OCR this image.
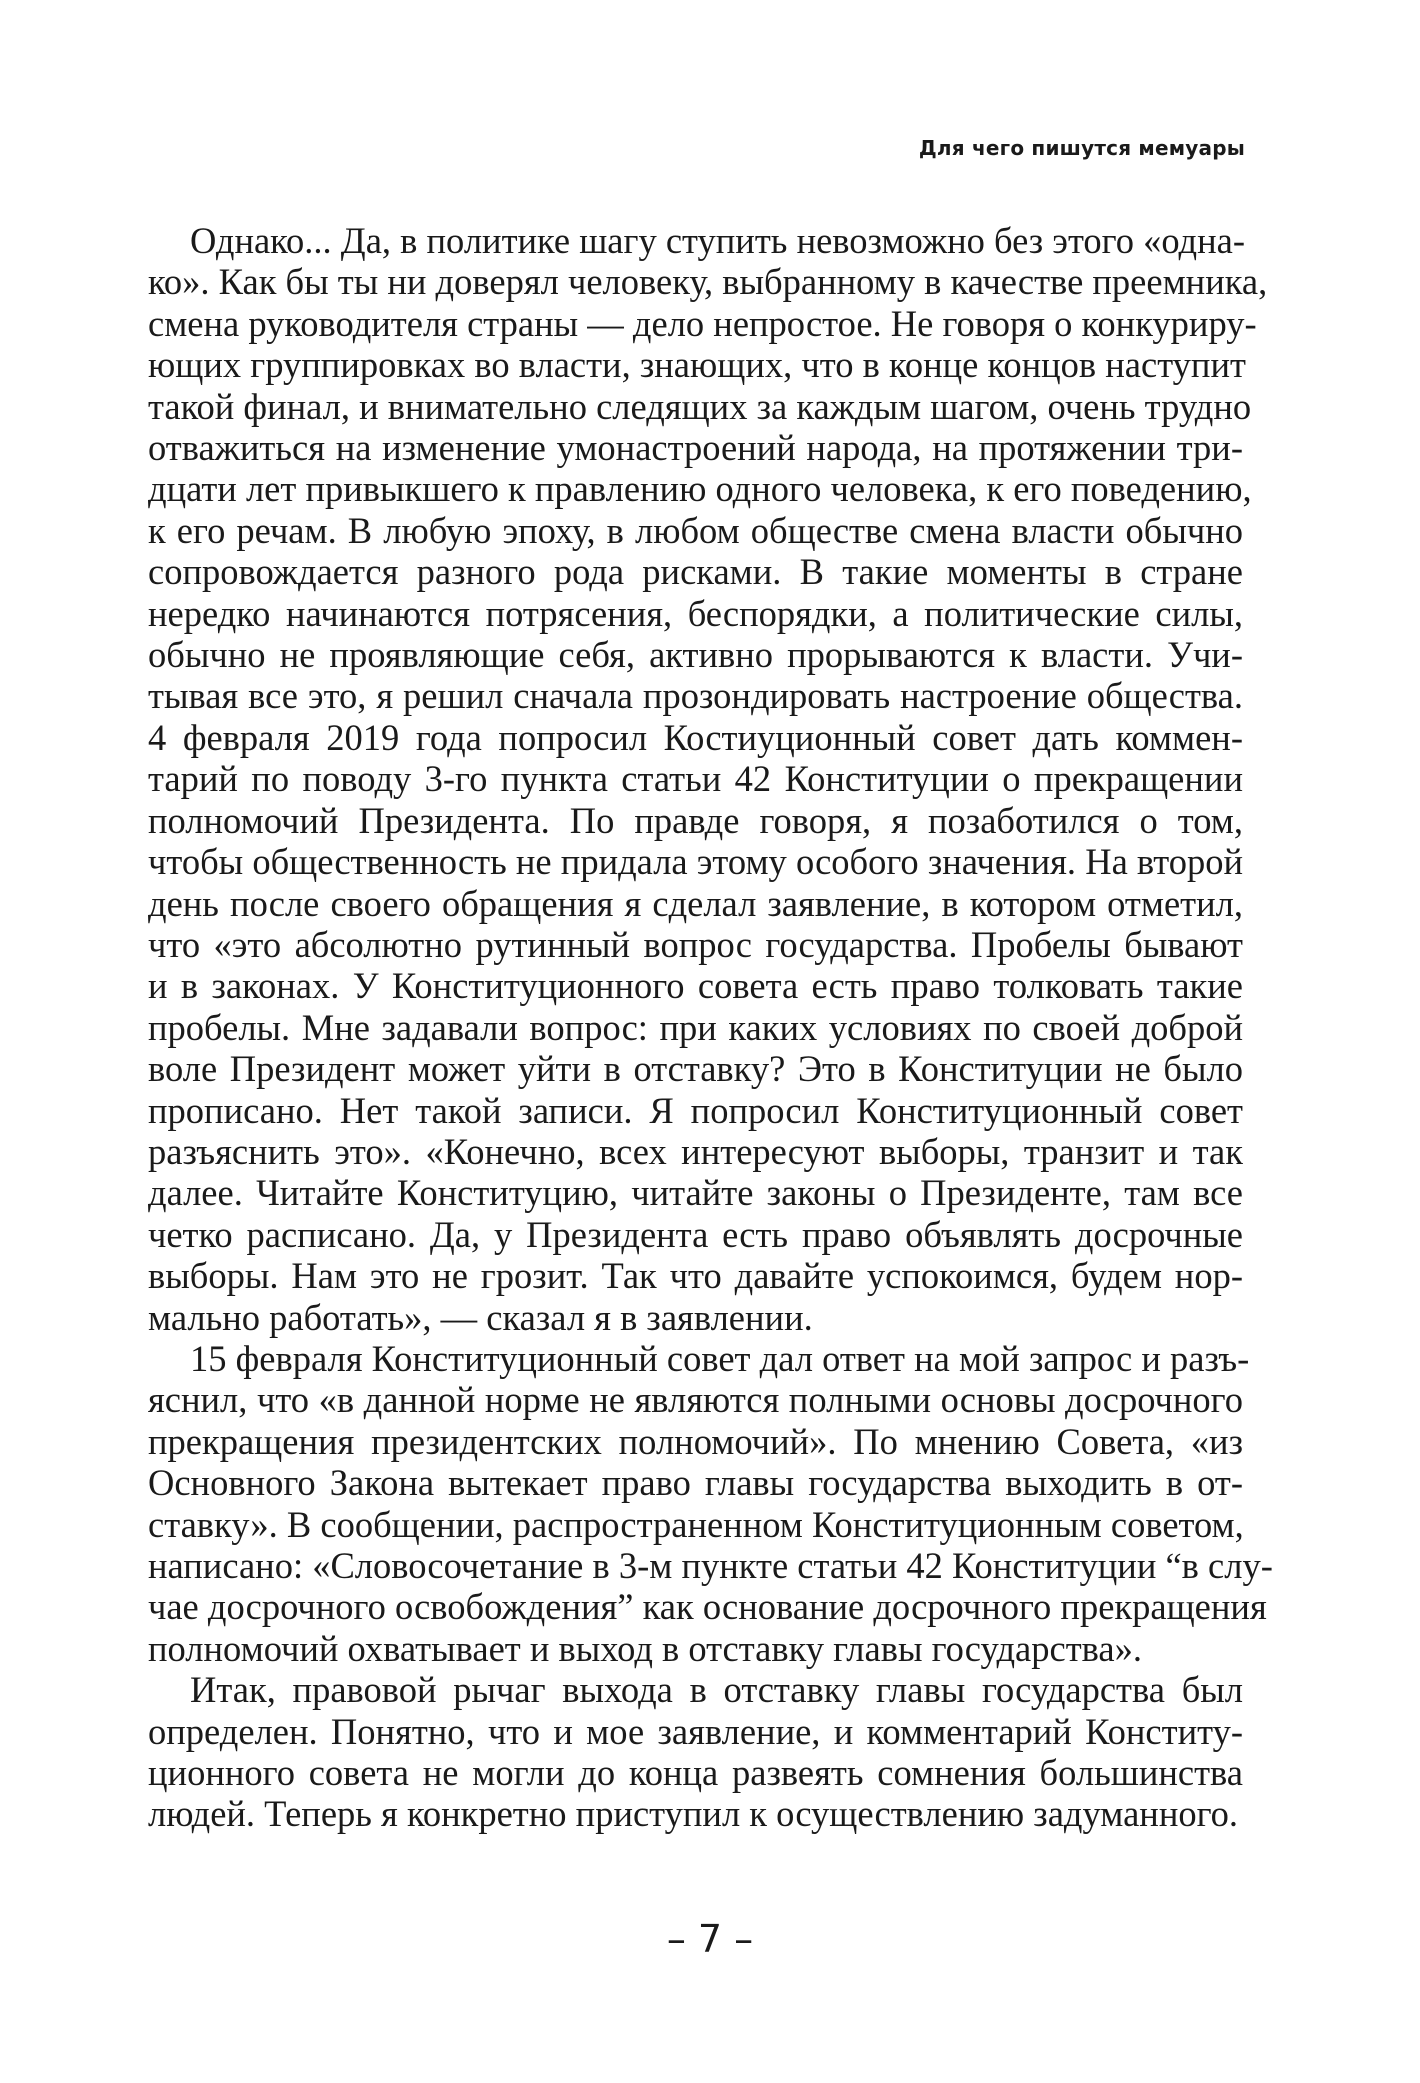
Для чего пишутся мемуары
Однако... Да, в политике шагу ступить невозможно без этого «одна-
ко». Как бы ты ни доверял человеку, выбранному в качестве преемника,
смена руководителя страны — дело непростое. Не говоря о конкуриру-
ющих группировках во власти, знающих, что в конце концов наступит
такой финал, и внимательно следящих за каждым шагом, очень трудно
отважиться на изменение умонастроений народа, на протяжении три-
дцати лет привыкшего к правлению одного человека, к его поведению,
к его речам. В любую эпоху, в любом обществе смена власти обычно
сопровождается разного рода рисками. В такие моменты в стране
нередко начинаются потрясения, беспорядки, а политические силы,
обычно не проявляющие себя, активно прорываются к власти. Учи-
тывая все это, я решил сначала прозондировать настроение общества.
4 февраля 2019 года попросил Костиуционный совет дать коммен-
тарий по поводу 3-го пункта статьи 42 Конституции о прекращении
полномочий Президента. По правде говоря, я позаботился о том,
чтобы общественность не придала этому особого значения. На второй
день после своего обращения я сделал заявление, в котором отметил,
что «это абсолютно рутинный вопрос государства. Пробелы бывают
и в законах. У Конституционного совета есть право толковать такие
пробелы. Мне задавали вопрос: при каких условиях по своей доброй
воле Президент может уйти в отставку? Это в Конституции не было
прописано. Нет такой записи. Я попросил Конституционный совет
разъяснить это». «Конечно, всех интересуют выборы, транзит и так
далее. Читайте Конституцию, читайте законы о Президенте, там все
четко расписано. Да, у Президента есть право объявлять досрочные
выборы. Нам это не грозит. Так что давайте успокоимся, будем нор-
мально работать», — сказал я в заявлении.
15 февраля Конституционный совет дал ответ на мой запрос и разъ-
яснил, что «в данной норме не являются полными основы досрочного
прекращения президентских полномочий». По мнению Совета, «из
Основного Закона вытекает право главы государства выходить в от-
ставку». В сообщении, распространенном Конституционным советом,
написано: «Словосочетание в 3-м пункте статьи 42 Конституции “в слу-
чае досрочного освобождения” как основание досрочного прекращения
полномочий охватывает и выход в отставку главы государства».
Итак, правовой рычаг выхода в отставку главы государства был
определен. Понятно, что и мое заявление, и комментарий Конститу-
ционного совета не могли до конца развеять сомнения большинства
людей. Теперь я конкретно приступил к осуществлению задуманного.
– 7 –
